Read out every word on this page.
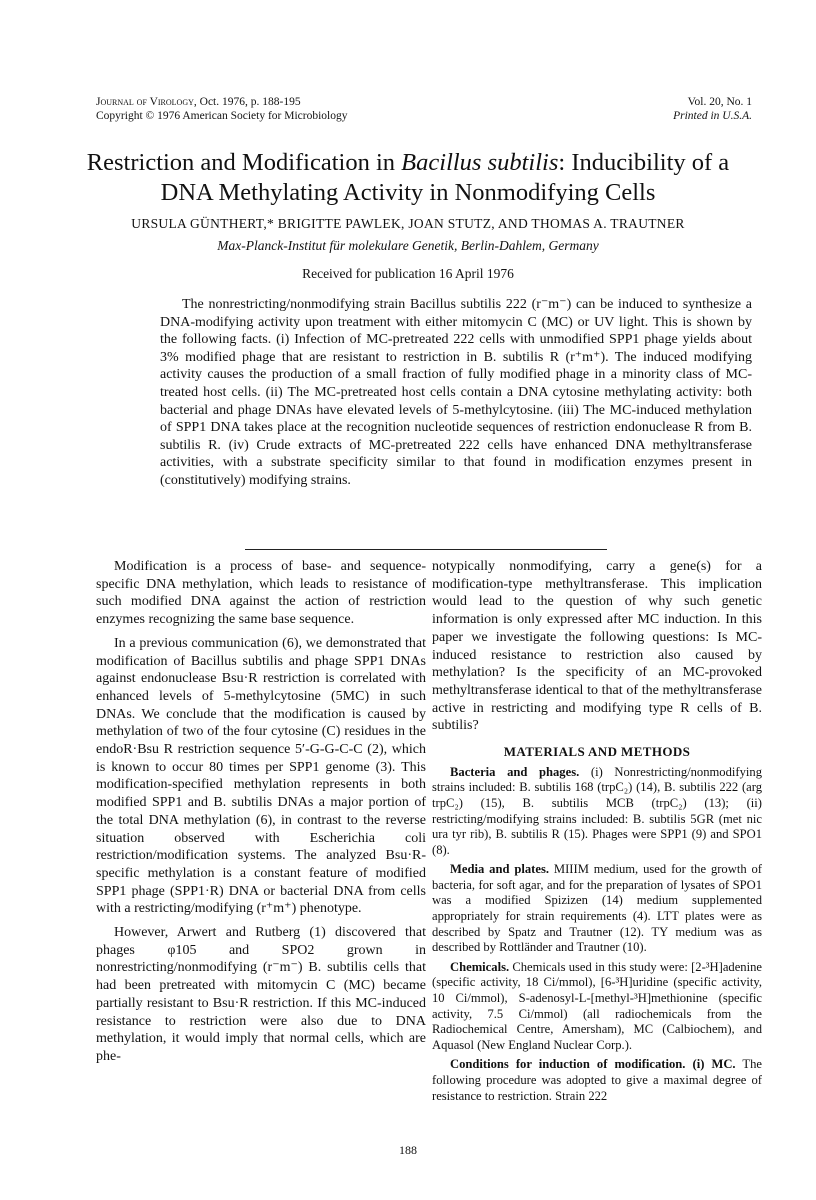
Journal of Virology, Oct. 1976, p. 188-195
Copyright © 1976 American Society for Microbiology
Vol. 20, No. 1
Printed in U.S.A.
Restriction and Modification in Bacillus subtilis: Inducibility of a DNA Methylating Activity in Nonmodifying Cells
URSULA GÜNTHERT,* BRIGITTE PAWLEK, JOAN STUTZ, AND THOMAS A. TRAUTNER
Max-Planck-Institut für molekulare Genetik, Berlin-Dahlem, Germany
Received for publication 16 April 1976

The nonrestricting/nonmodifying strain Bacillus subtilis 222 (r⁻m⁻) can be induced to synthesize a DNA-modifying activity upon treatment with either mitomycin C (MC) or UV light. This is shown by the following facts. (i) Infection of MC-pretreated 222 cells with unmodified SPP1 phage yields about 3% modified phage that are resistant to restriction in B. subtilis R (r⁺m⁺). The induced modifying activity causes the production of a small fraction of fully modified phage in a minority class of MC-treated host cells. (ii) The MC-pretreated host cells contain a DNA cytosine methylating activity: both bacterial and phage DNAs have elevated levels of 5-methylcytosine. (iii) The MC-induced methylation of SPP1 DNA takes place at the recognition nucleotide sequences of restriction endonuclease R from B. subtilis R. (iv) Crude extracts of MC-pretreated 222 cells have enhanced DNA methyltransferase activities, with a substrate specificity similar to that found in modification enzymes present in (constitutively) modifying strains.

Modification is a process of base- and sequence-specific DNA methylation, which leads to resistance of such modified DNA against the action of restriction enzymes recognizing the same base sequence.

In a previous communication (6), we demonstrated that modification of Bacillus subtilis and phage SPP1 DNAs against endonuclease Bsu·R restriction is correlated with enhanced levels of 5-methylcytosine (5MC) in such DNAs. We conclude that the modification is caused by methylation of two of the four cytosine (C) residues in the endoR·Bsu R restriction sequence 5′-G-G-C-C (2), which is known to occur 80 times per SPP1 genome (3). This modification-specified methylation represents in both modified SPP1 and B. subtilis DNAs a major portion of the total DNA methylation (6), in contrast to the reverse situation observed with Escherichia coli restriction/modification systems. The analyzed Bsu·R-specific methylation is a constant feature of modified SPP1 phage (SPP1·R) DNA or bacterial DNA from cells with a restricting/modifying (r⁺m⁺) phenotype.

However, Arwert and Rutberg (1) discovered that phages φ105 and SPO2 grown in nonrestricting/nonmodifying (r⁻m⁻) B. subtilis cells that had been pretreated with mitomycin C (MC) became partially resistant to Bsu·R restriction. If this MC-induced resistance to restriction were also due to DNA methylation, it would imply that normal cells, which are phe-

notypically nonmodifying, carry a gene(s) for a modification-type methyltransferase. This implication would lead to the question of why such genetic information is only expressed after MC induction. In this paper we investigate the following questions: Is MC-induced resistance to restriction also caused by methylation? Is the specificity of an MC-provoked methyltransferase identical to that of the methyltransferase active in restricting and modifying type R cells of B. subtilis?

MATERIALS AND METHODS

Bacteria and phages. (i) Nonrestricting/nonmodifying strains included: B. subtilis 168 (trpC₂) (14), B. subtilis 222 (arg trpC₂) (15), B. subtilis MCB (trpC₂) (13); (ii) restricting/modifying strains included: B. subtilis 5GR (met nic ura tyr rib), B. subtilis R (15). Phages were SPP1 (9) and SPO1 (8).

Media and plates. MIIIM medium, used for the growth of bacteria, for soft agar, and for the preparation of lysates of SPO1 was a modified Spizizen (14) medium supplemented appropriately for strain requirements (4). LTT plates were as described by Spatz and Trautner (12). TY medium was as described by Rottländer and Trautner (10).

Chemicals. Chemicals used in this study were: [2-³H]adenine (specific activity, 18 Ci/mmol), [6-³H]uridine (specific activity, 10 Ci/mmol), S-adenosyl-L-[methyl-³H]methionine (specific activity, 7.5 Ci/mmol) (all radiochemicals from the Radiochemical Centre, Amersham), MC (Calbiochem), and Aquasol (New England Nuclear Corp.).

Conditions for induction of modification. (i) MC. The following procedure was adopted to give a maximal degree of resistance to restriction. Strain 222

188
